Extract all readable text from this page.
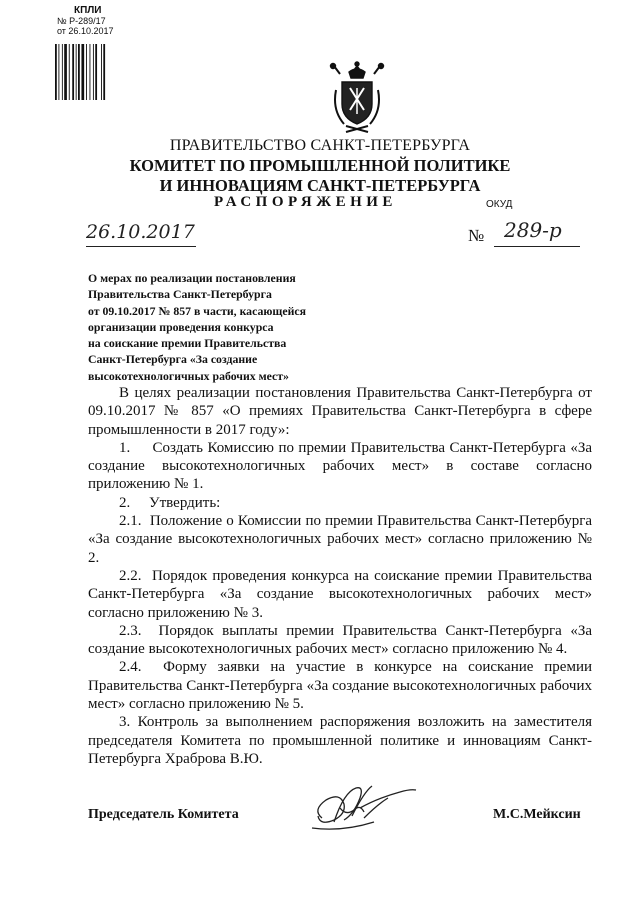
КПЛИ
№ Р-289/17
от 26.10.2017
ПРАВИТЕЛЬСТВО САНКТ-ПЕТЕРБУРГА
КОМИТЕТ ПО ПРОМЫШЛЕННОЙ ПОЛИТИКЕ
И ИННОВАЦИЯМ САНКТ-ПЕТЕРБУРГА
РАСПОРЯЖЕНИЕ	ОКУД
26.10.2017	№ 289-р
О мерах по реализации постановления
Правительства Санкт-Петербурга
от 09.10.2017 № 857 в части, касающейся
организации проведения конкурса
на соискание премии Правительства
Санкт-Петербурга «За создание
высокотехнологичных рабочих мест»

В целях реализации постановления Правительства Санкт-Петербурга от 09.10.2017 № 857 «О премиях Правительства Санкт-Петербурга в сфере промышленности в 2017 году»:

1.     Создать Комиссию по премии Правительства Санкт-Петербурга «За создание высокотехнологичных рабочих мест» в составе согласно приложению № 1.

2.     Утвердить:

2.1.  Положение о Комиссии по премии Правительства Санкт-Петербурга «За создание высокотехнологичных рабочих мест» согласно приложению № 2.

2.2.  Порядок проведения конкурса на соискание премии Правительства Санкт-Петербурга «За создание высокотехнологичных рабочих мест» согласно приложению № 3.

2.3.  Порядок выплаты премии Правительства Санкт-Петербурга «За создание высокотехнологичных рабочих мест» согласно приложению № 4.

2.4.  Форму заявки на участие в конкурсе на соискание премии Правительства Санкт-Петербурга «За создание высокотехнологичных рабочих мест» согласно приложению № 5.

3. Контроль за выполнением распоряжения возложить на заместителя председателя Комитета по промышленной политике и инновациям Санкт-Петербурга Храброва В.Ю.

Председатель Комитета	М.С.Мейксин
